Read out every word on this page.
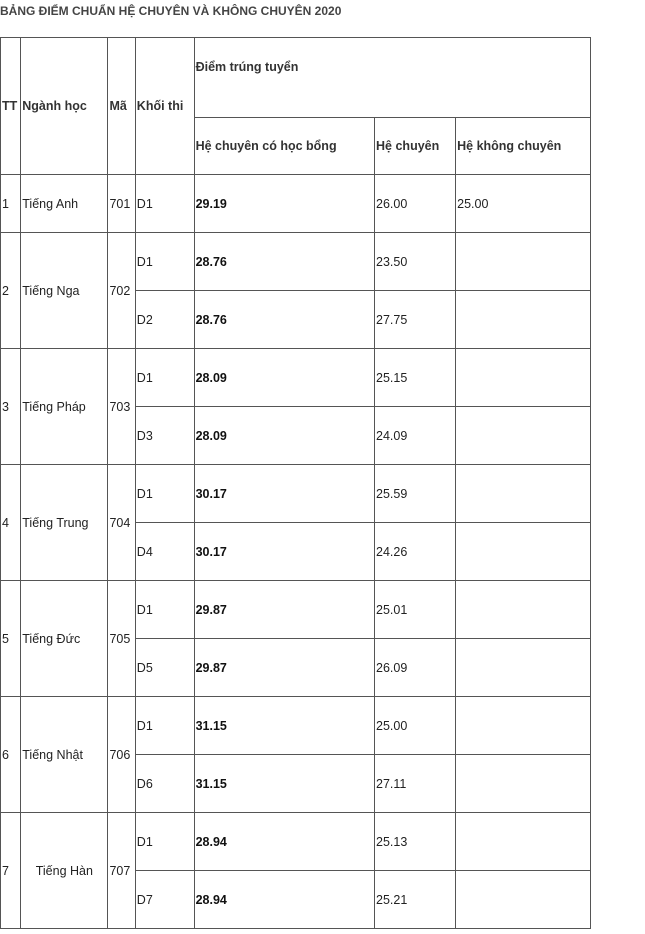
BẢNG ĐIỂM CHUẨN HỆ CHUYÊN VÀ KHÔNG CHUYÊN 2020
TT	Ngành học	Mã	Khối thi	Điểm trúng tuyển		
				Hệ chuyên có học bổng	Hệ chuyên	Hệ không chuyên
1	Tiếng Anh	701	D1	29.19	26.00	25.00
2	Tiếng Nga	702	D1	28.76	23.50	
			D2	28.76	27.75	
3	Tiếng Pháp	703	D1	28.09	25.15	
			D3	28.09	24.09	
4	Tiếng Trung	704	D1	30.17	25.59	
			D4	30.17	24.26	
5	Tiếng Đức	705	D1	29.87	25.01	
			D5	29.87	26.09	
6	Tiếng Nhật	706	D1	31.15	25.00	
			D6	31.15	27.11	
7	Tiếng Hàn	707	D1	28.94	25.13	
			D7	28.94	25.21	
